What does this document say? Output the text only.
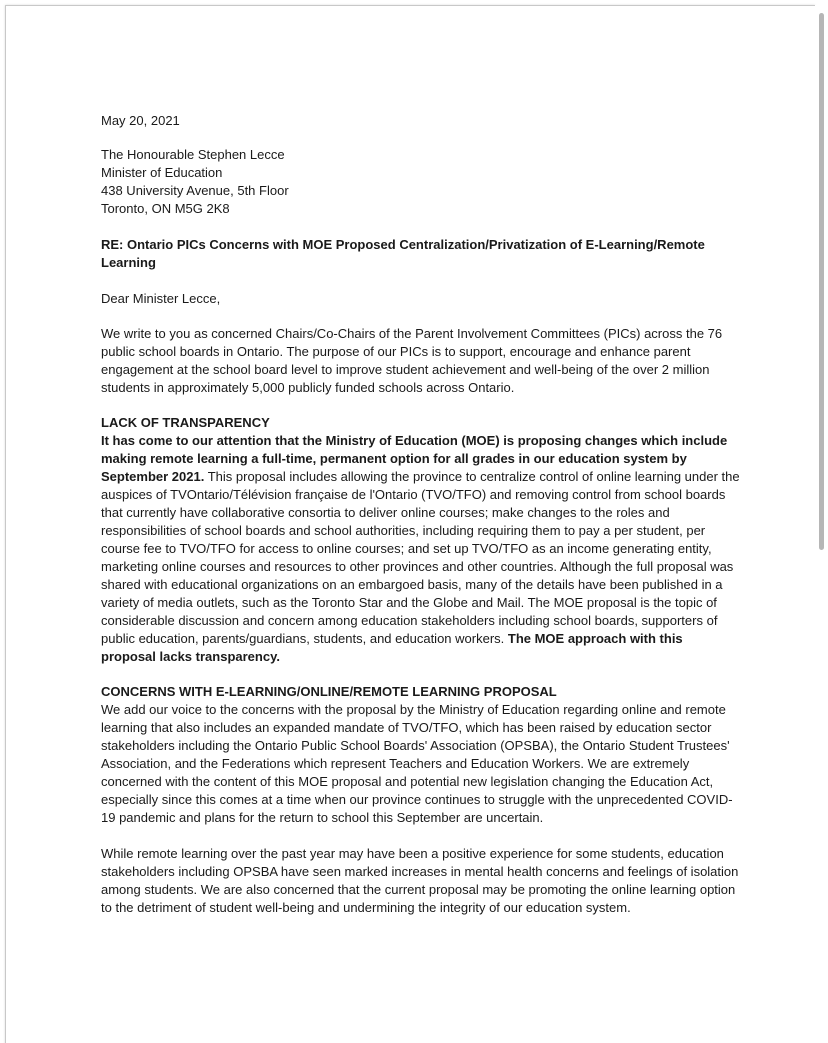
May 20, 2021

The Honourable Stephen Lecce
Minister of Education
438 University Avenue, 5th Floor
Toronto, ON M5G 2K8

RE: Ontario PICs Concerns with MOE Proposed Centralization/Privatization of E-Learning/Remote Learning

Dear Minister Lecce,

We write to you as concerned Chairs/Co-Chairs of the Parent Involvement Committees (PICs) across the 76 public school boards in Ontario. The purpose of our PICs is to support, encourage and enhance parent engagement at the school board level to improve student achievement and well-being of the over 2 million students in approximately 5,000 publicly funded schools across Ontario.

LACK OF TRANSPARENCY
It has come to our attention that the Ministry of Education (MOE) is proposing changes which include making remote learning a full-time, permanent option for all grades in our education system by September 2021. This proposal includes allowing the province to centralize control of online learning under the auspices of TVOntario/Télévision française de l'Ontario (TVO/TFO) and removing control from school boards that currently have collaborative consortia to deliver online courses; make changes to the roles and responsibilities of school boards and school authorities, including requiring them to pay a per student, per course fee to TVO/TFO for access to online courses; and set up TVO/TFO as an income generating entity, marketing online courses and resources to other provinces and other countries. Although the full proposal was shared with educational organizations on an embargoed basis, many of the details have been published in a variety of media outlets, such as the Toronto Star and the Globe and Mail. The MOE proposal is the topic of considerable discussion and concern among education stakeholders including school boards, supporters of public education, parents/guardians, students, and education workers. The MOE approach with this proposal lacks transparency.

CONCERNS WITH E-LEARNING/ONLINE/REMOTE LEARNING PROPOSAL
We add our voice to the concerns with the proposal by the Ministry of Education regarding online and remote learning that also includes an expanded mandate of TVO/TFO, which has been raised by education sector stakeholders including the Ontario Public School Boards' Association (OPSBA), the Ontario Student Trustees' Association, and the Federations which represent Teachers and Education Workers. We are extremely concerned with the content of this MOE proposal and potential new legislation changing the Education Act, especially since this comes at a time when our province continues to struggle with the unprecedented COVID-19 pandemic and plans for the return to school this September are uncertain.

While remote learning over the past year may have been a positive experience for some students, education stakeholders including OPSBA have seen marked increases in mental health concerns and feelings of isolation among students. We are also concerned that the current proposal may be promoting the online learning option to the detriment of student well-being and undermining the integrity of our education system.
